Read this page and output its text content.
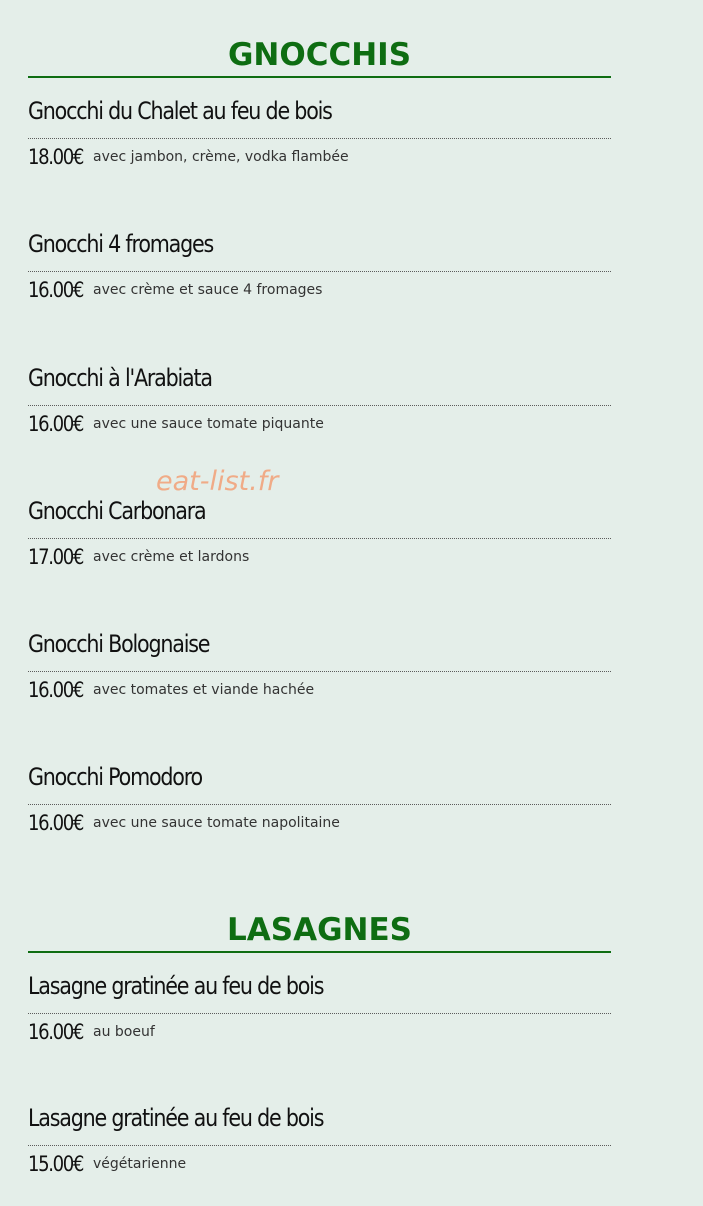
GNOCCHIS
Gnocchi du Chalet au feu de bois
18.00€ avec jambon, crème, vodka flambée
Gnocchi 4 fromages
16.00€ avec crème et sauce 4 fromages
Gnocchi à l'Arabiata
16.00€ avec une sauce tomate piquante
Gnocchi Carbonara
17.00€ avec crème et lardons
Gnocchi Bolognaise
16.00€ avec tomates et viande hachée
Gnocchi Pomodoro
16.00€ avec une sauce tomate napolitaine
LASAGNES
Lasagne gratinée au feu de bois
16.00€ au boeuf
Lasagne gratinée au feu de bois
15.00€ végétarienne
eat-list.fr
